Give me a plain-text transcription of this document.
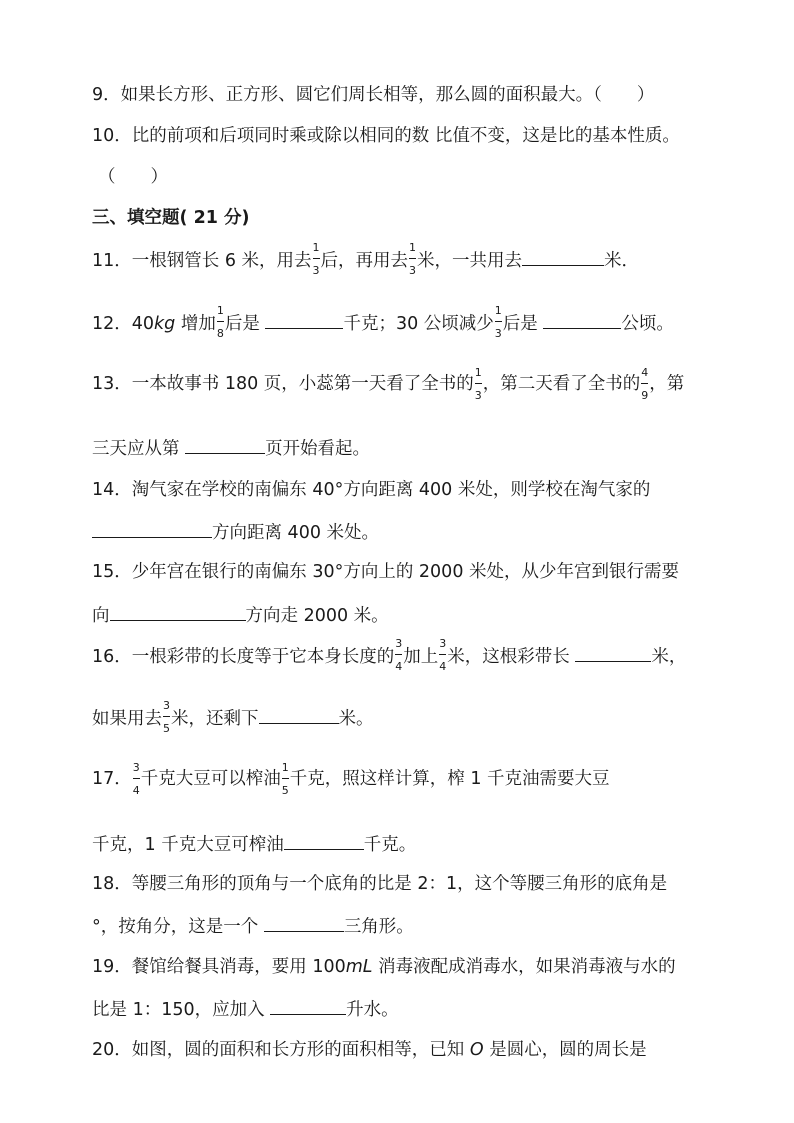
9．如果长方形、正方形、圆它们周长相等，那么圆的面积最大。（　　）
10．比的前项和后项同时乘或除以相同的数 比值不变，这是比的基本性质。
（　　）
三、填空题( 21 分)
11．一根钢管长 6 米，用去 $\frac{1}{3}$ 后，再用去 $\frac{1}{3}$ 米，一共用去	米．
12．40kg 增加 $\frac{1}{8}$ 后是	千克；30 公顷减少 $\frac{1}{3}$ 后是	公顷。
13．一本故事书 180 页，小蕊第一天看了全书的 $\frac{1}{3}$ ，第二天看了全书的 $\frac{4}{9}$ ，第
三天应从第	页开始看起。
14．淘气家在学校的南偏东 40°方向距离 400 米处，则学校在淘气家的
方向距离 400 米处。
15．少年宫在银行的南偏东 30°方向上的 2000 米处，从少年宫到银行需要
向	方向走 2000 米。
16．一根彩带的长度等于它本身长度的 $\frac{3}{4}$ 加上 $\frac{3}{4}$ 米，这根彩带长	米，
如果用去 $\frac{3}{5}$ 米，还剩下	米。
17． $\frac{3}{4}$ 千克大豆可以榨油 $\frac{1}{5}$ 千克，照这样计算，榨 1 千克油需要大豆
千克，1 千克大豆可榨油	千克。
18．等腰三角形的顶角与一个底角的比是 2：1，这个等腰三角形的底角是
°，按角分，这是一个	三角形。
19．餐馆给餐具消毒，要用 100mL 消毒液配成消毒水，如果消毒液与水的
比是 1：150，应加入	升水。
20．如图，圆的面积和长方形的面积相等，已知 O 是圆心，圆的周长是
